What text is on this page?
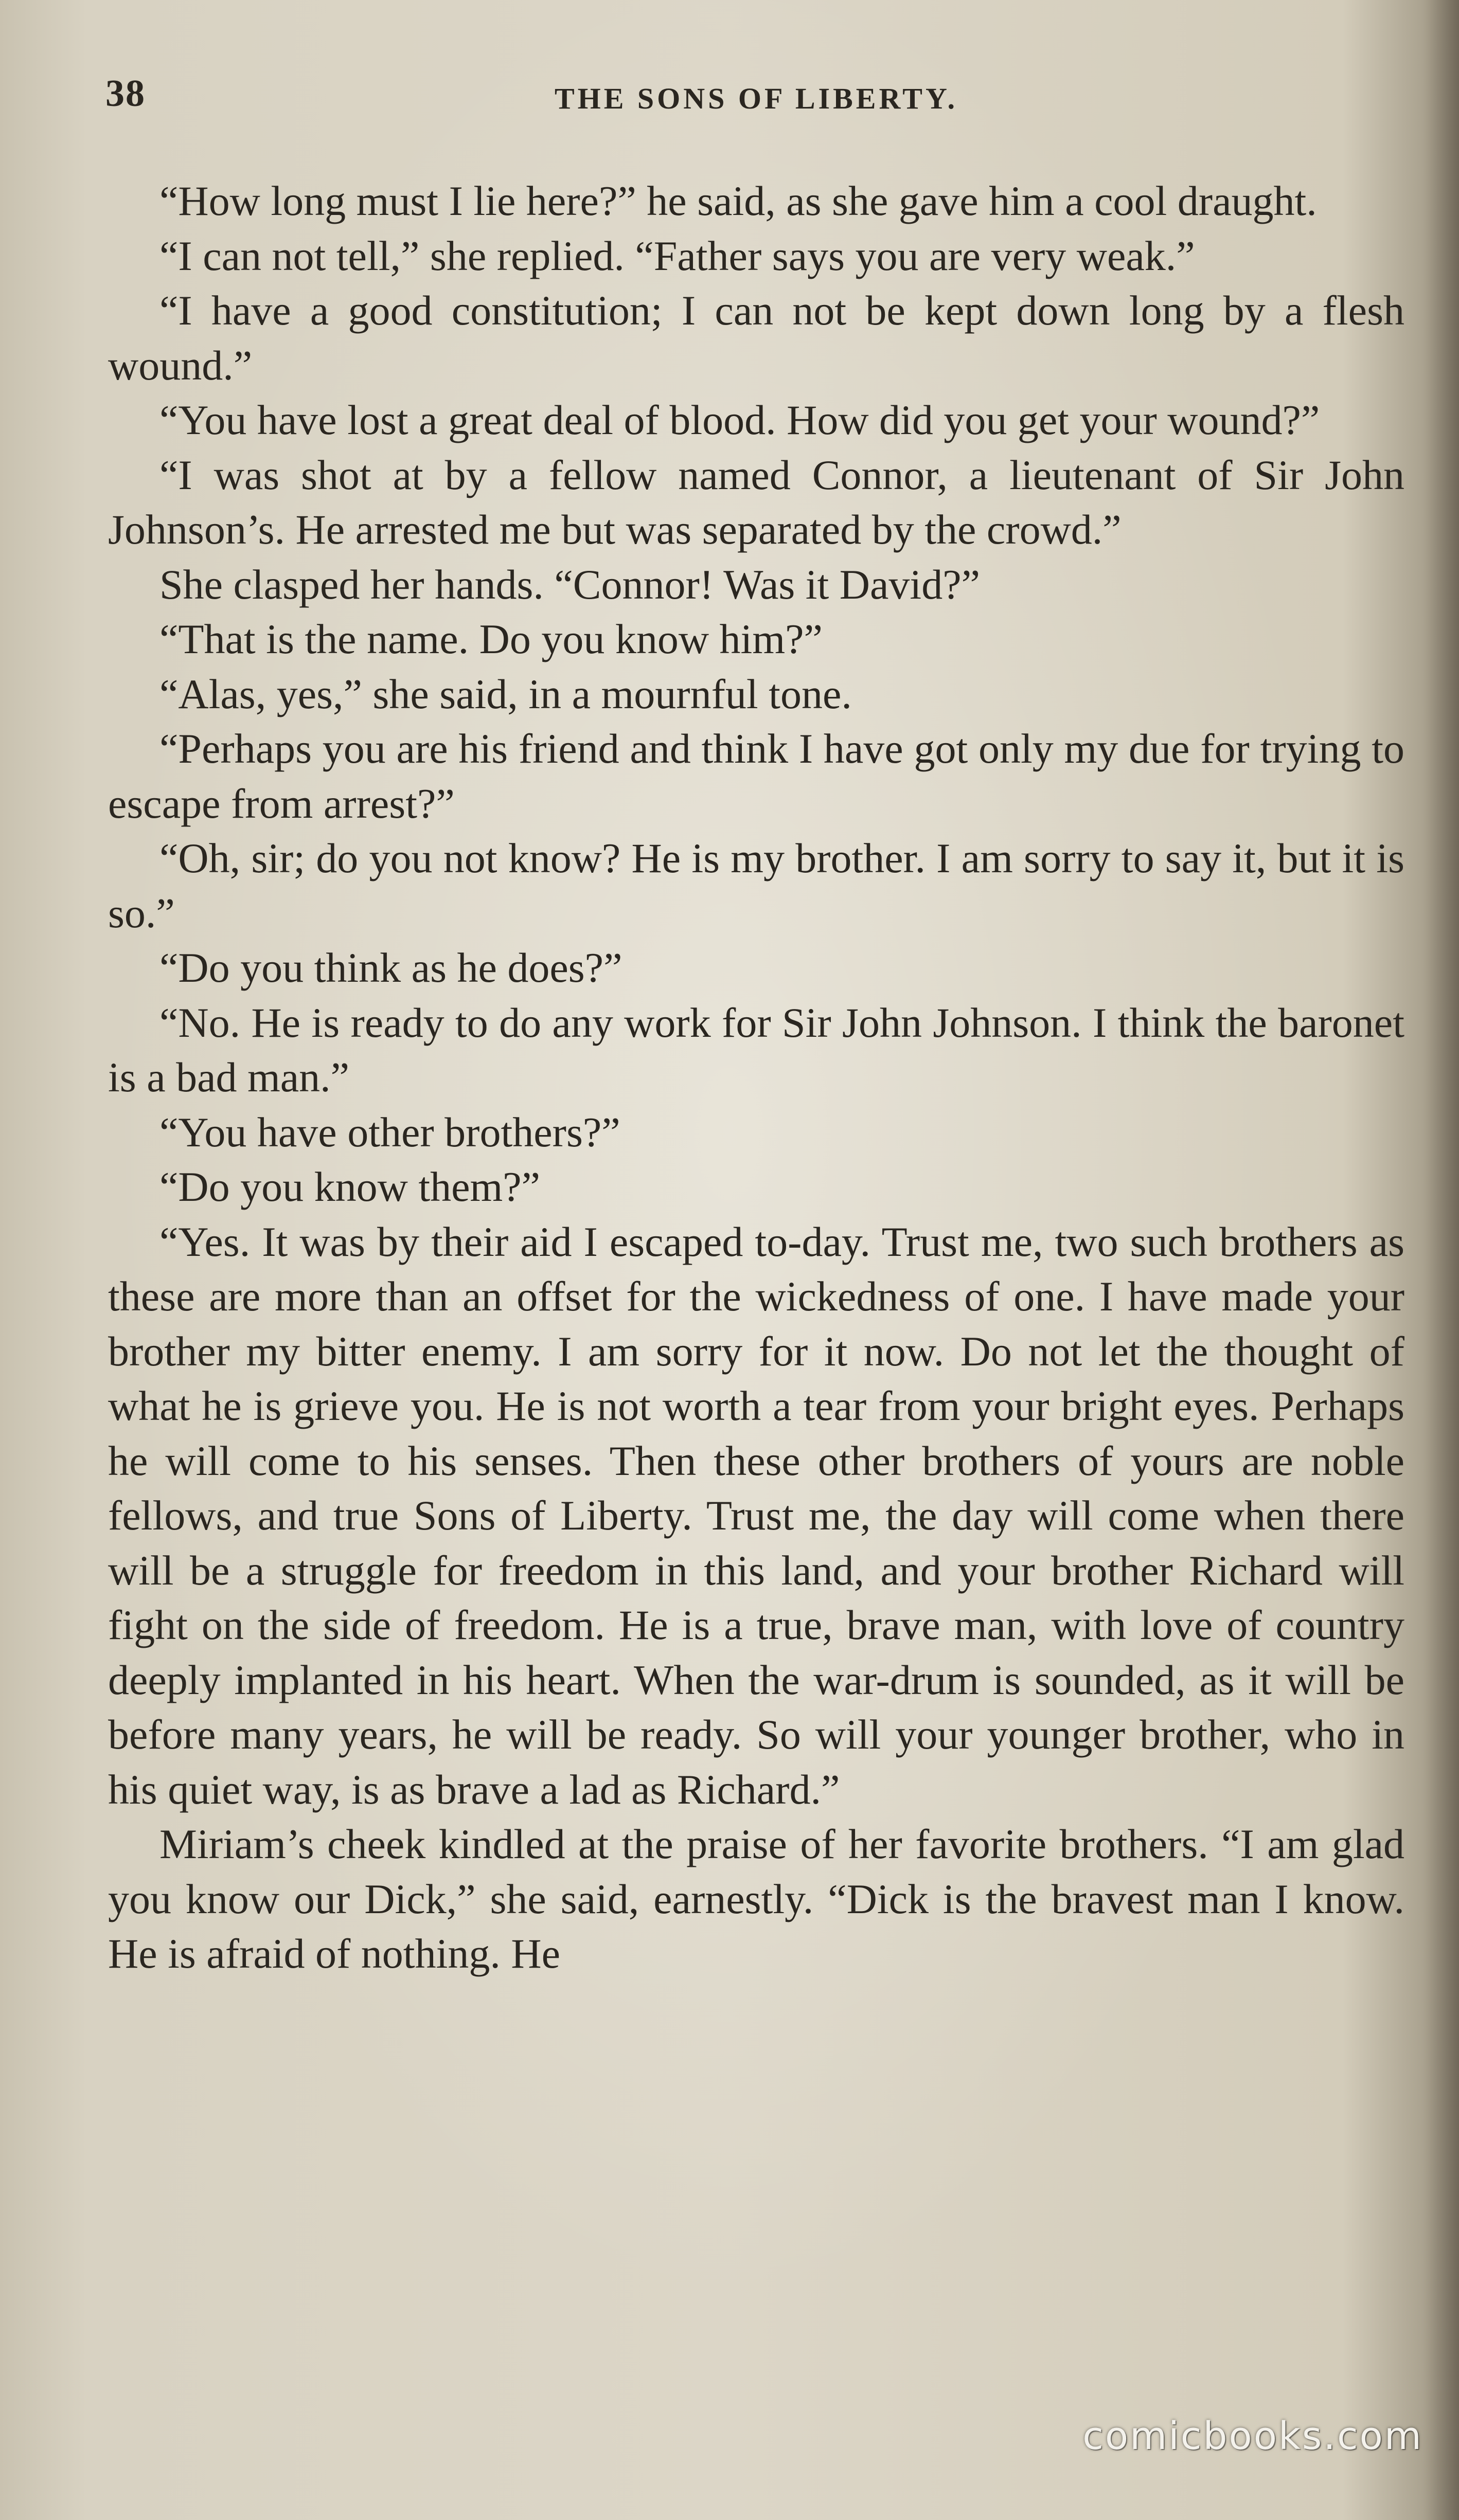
38	THE SONS OF LIBERTY.

“How long must I lie here?” he said, as she gave him a cool draught.

“I can not tell,” she replied. “Father says you are very weak.”

“I have a good constitution; I can not be kept down long by a flesh wound.”

“You have lost a great deal of blood. How did you get your wound?”

“I was shot at by a fellow named Connor, a lieutenant of Sir John Johnson’s. He arrested me but was separated by the crowd.”

She clasped her hands. “Connor! Was it David?”

“That is the name. Do you know him?”

“Alas, yes,” she said, in a mournful tone.

“Perhaps you are his friend and think I have got only my due for trying to escape from arrest?”

“Oh, sir; do you not know? He is my brother. I am sorry to say it, but it is so.”

“Do you think as he does?”

“No. He is ready to do any work for Sir John Johnson. I think the baronet is a bad man.”

“You have other brothers?”

“Do you know them?”

“Yes. It was by their aid I escaped to-day. Trust me, two such brothers as these are more than an offset for the wickedness of one. I have made your brother my bitter enemy. I am sorry for it now. Do not let the thought of what he is grieve you. He is not worth a tear from your bright eyes. Perhaps he will come to his senses. Then these other brothers of yours are noble fellows, and true Sons of Liberty. Trust me, the day will come when there will be a struggle for freedom in this land, and your brother Richard will fight on the side of freedom. He is a true, brave man, with love of country deeply implanted in his heart. When the war-drum is sounded, as it will be before many years, he will be ready. So will your younger brother, who in his quiet way, is as brave a lad as Richard.”

Miriam’s cheek kindled at the praise of her favorite brothers. “I am glad you know our Dick,” she said, earnestly. “Dick is the bravest man I know. He is afraid of nothing. He

comicbooks.com
